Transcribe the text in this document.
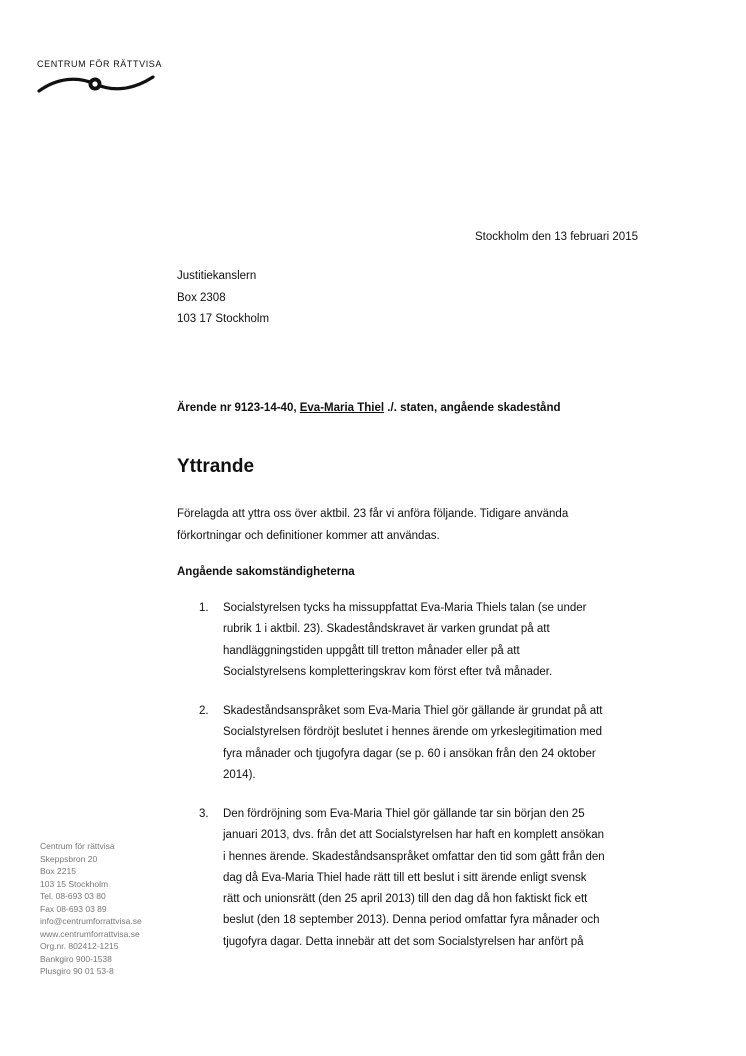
CENTRUM FÖR RÄTTVISA
Stockholm den 13 februari 2015
Justitiekanslern
Box 2308
103 17 Stockholm
Ärende nr 9123-14-40, Eva-Maria Thiel ./. staten, angående skadestånd
Yttrande
Förelagda att yttra oss över aktbil. 23 får vi anföra följande. Tidigare använda
förkortningar och definitioner kommer att användas.
Angående sakomständigheterna
1.	Socialstyrelsen tycks ha missuppfattat Eva-Maria Thiels talan (se under
rubrik 1 i aktbil. 23). Skadeståndskravet är varken grundat på att
handläggningstiden uppgått till tretton månader eller på att
Socialstyrelsens kompletteringskrav kom först efter två månader.
2.	Skadeståndsanspråket som Eva-Maria Thiel gör gällande är grundat på att
Socialstyrelsen fördröjt beslutet i hennes ärende om yrkeslegitimation med
fyra månader och tjugofyra dagar (se p. 60 i ansökan från den 24 oktober
2014).
3.	Den fördröjning som Eva-Maria Thiel gör gällande tar sin början den 25
januari 2013, dvs. från det att Socialstyrelsen har haft en komplett ansökan
i hennes ärende. Skadeståndsanspråket omfattar den tid som gått från den
dag då Eva-Maria Thiel hade rätt till ett beslut i sitt ärende enligt svensk
rätt och unionsrätt (den 25 april 2013) till den dag då hon faktiskt fick ett
beslut (den 18 september 2013). Denna period omfattar fyra månader och
tjugofyra dagar. Detta innebär att det som Socialstyrelsen har anfört på
Centrum för rättvisa
Skeppsbron 20
Box 2215
103 15 Stockholm
Tel. 08-693 03 80
Fax 08-693 03 89
info@centrumforrattvisa.se
www.centrumforrattvisa.se
Org.nr. 802412-1215
Bankgiro 900-1538
Plusgiro 90 01 53-8
